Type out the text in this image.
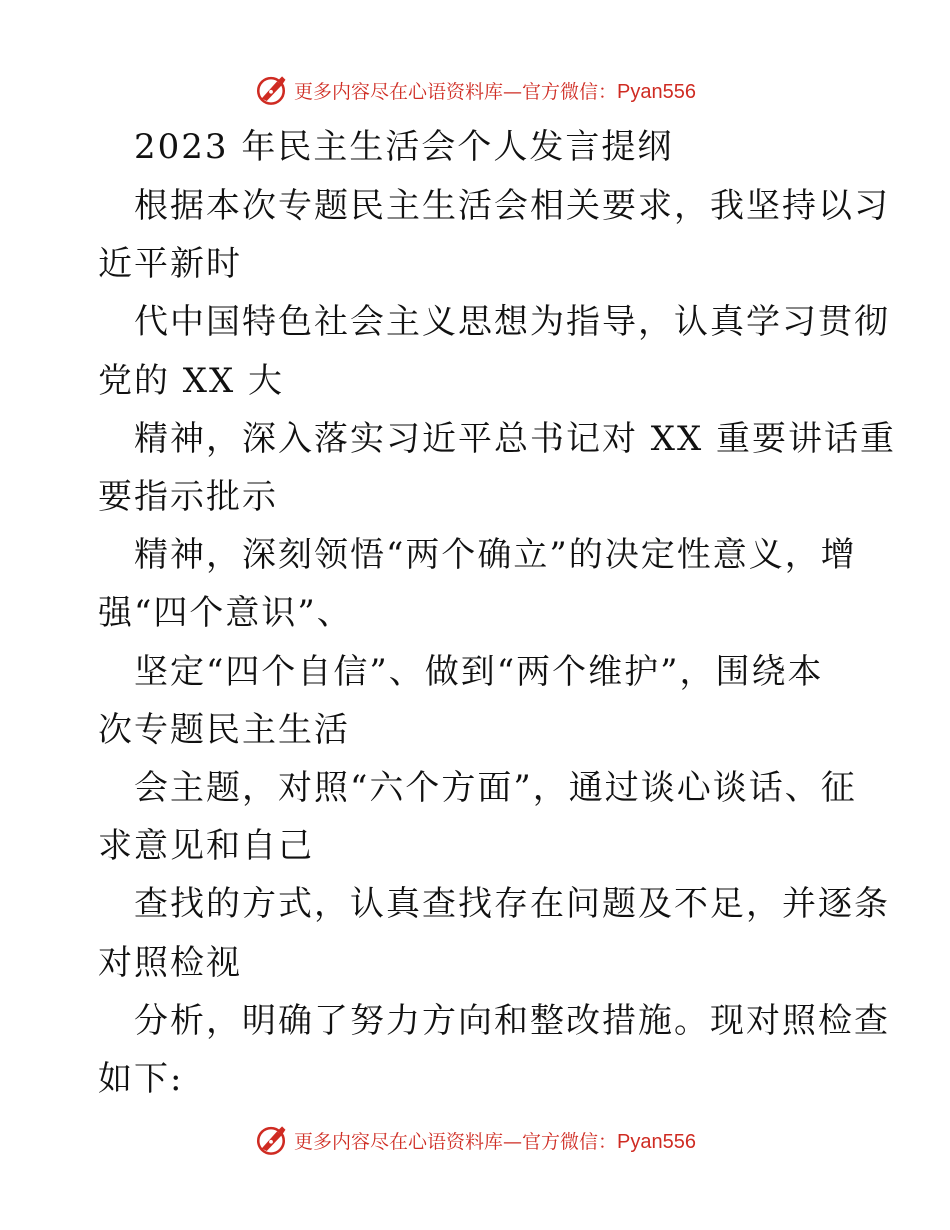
更多内容尽在心语资料库—官方微信：Pyan556
2023 年民主生活会个人发言提纲
根据本次专题民主生活会相关要求，我坚持以习
近平新时
代中国特色社会主义思想为指导，认真学习贯彻
党的 XX 大
精神，深入落实习近平总书记对 XX 重要讲话重
要指示批示
精神，深刻领悟“两个确立”的决定性意义，增
强“四个意识”、
坚定“四个自信”、做到“两个维护”，围绕本
次专题民主生活
会主题，对照“六个方面”，通过谈心谈话、征
求意见和自己
查找的方式，认真查找存在问题及不足，并逐条
对照检视
分析，明确了努力方向和整改措施。现对照检查
如下:
更多内容尽在心语资料库—官方微信：Pyan556
